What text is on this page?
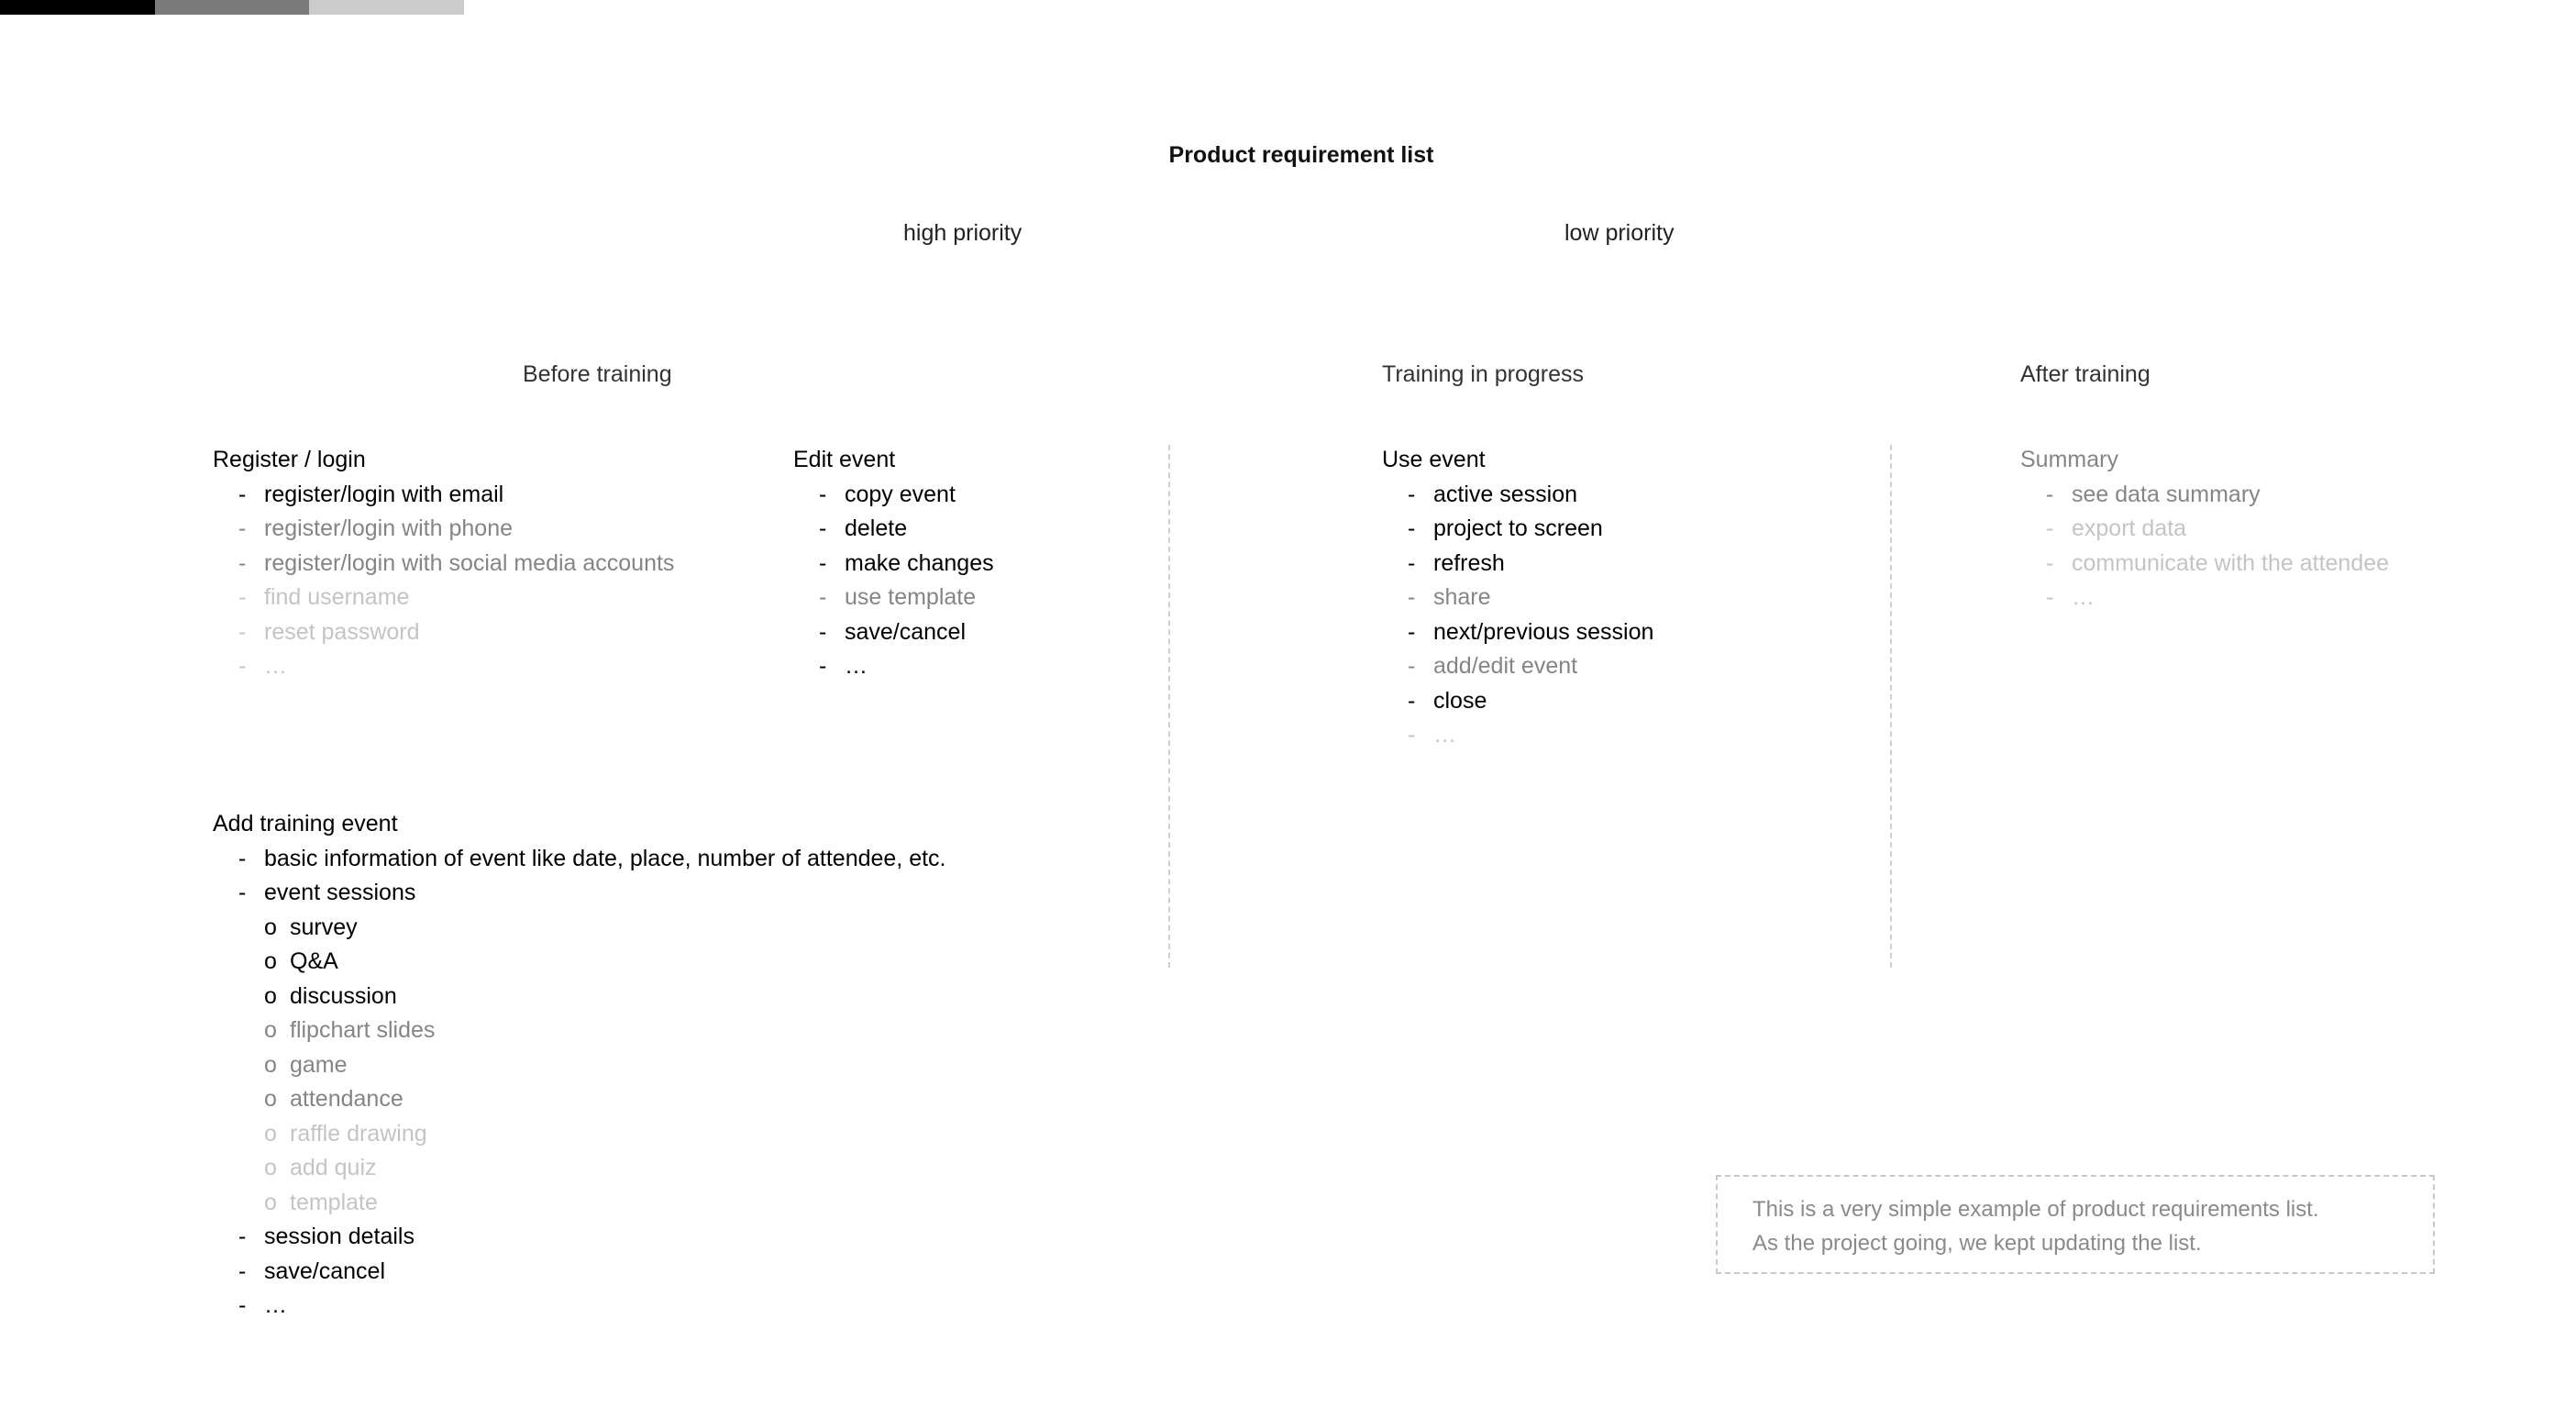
Product requirement list
high priority	low priority
Before training	Training in progress	After training
Register / login
- register/login with email
- register/login with phone
- register/login with social media accounts
- find username
- reset password
- …
Edit event
- copy event
- delete
- make changes
- use template
- save/cancel
- …
Add training event
- basic information of event like date, place, number of attendee, etc.
- event sessions
o survey
o Q&A
o discussion
o flipchart slides
o game
o attendance
o raffle drawing
o add quiz
o template
- session details
- save/cancel
- …
Use event
- active session
- project to screen
- refresh
- share
- next/previous session
- add/edit event
- close
- …
Summary
- see data summary
- export data
- communicate with the attendee
- …
This is a very simple example of product requirements list.
As the project going, we kept updating the list.
